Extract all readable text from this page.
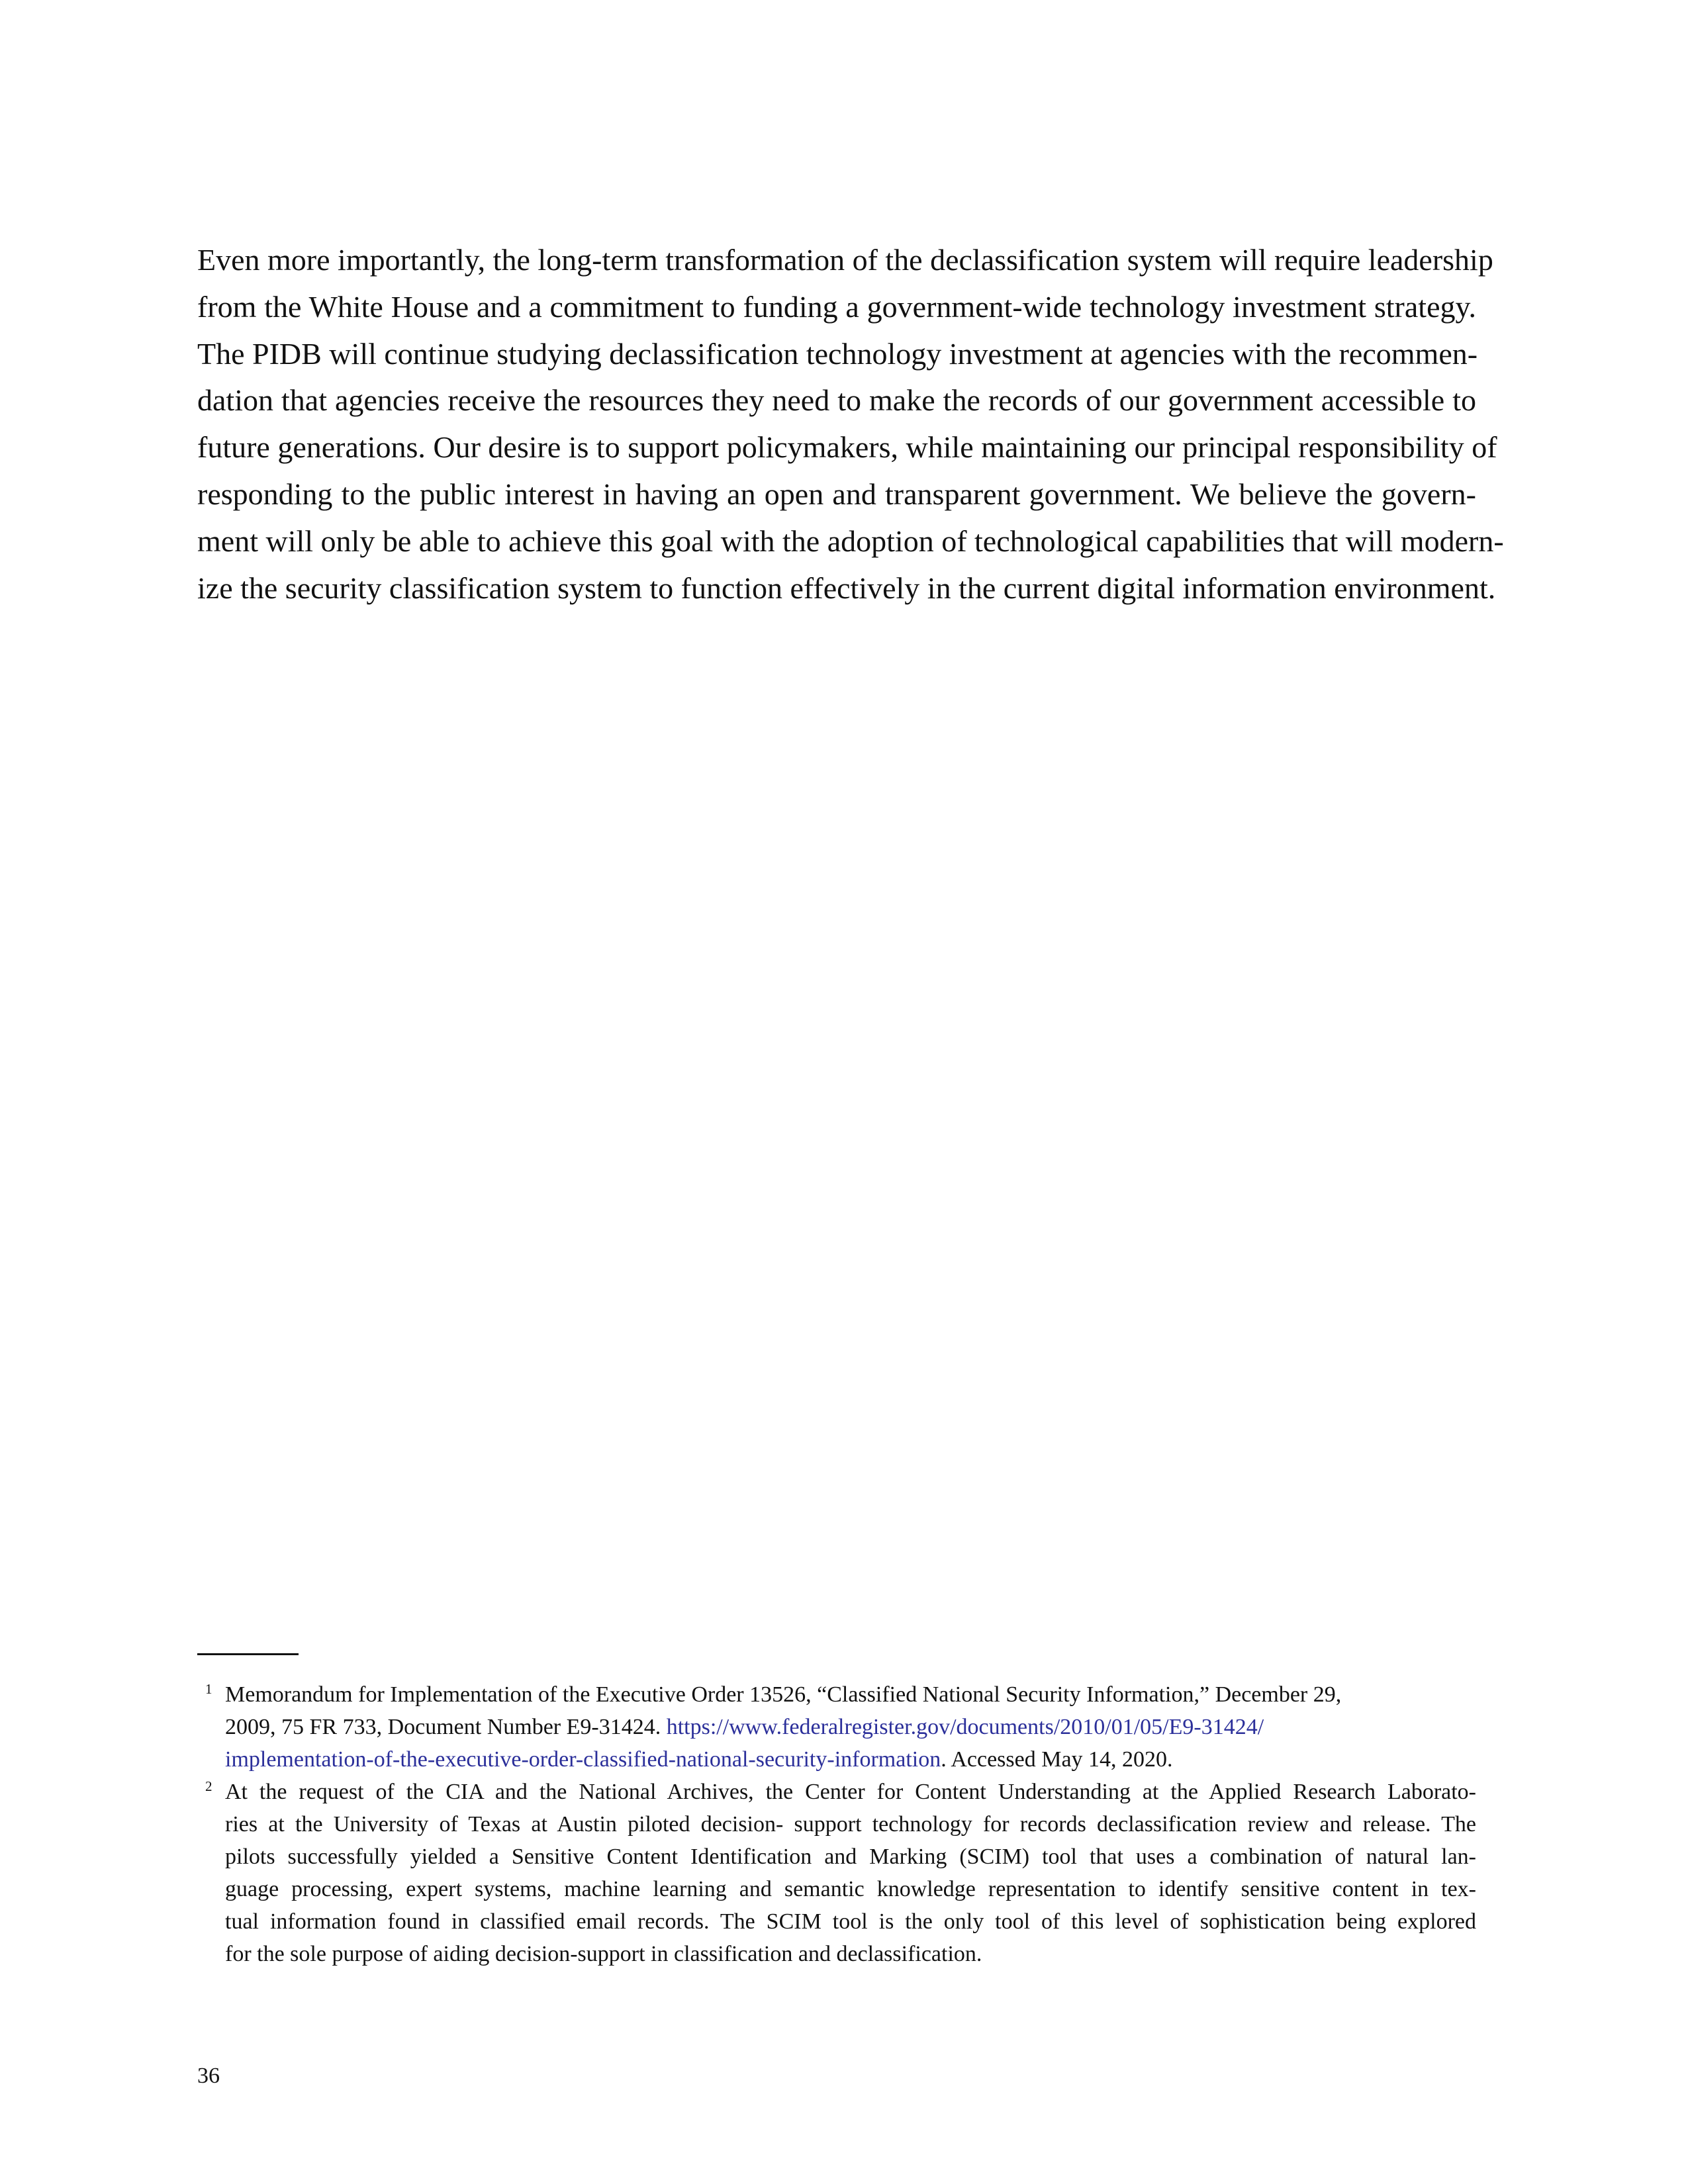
Even more importantly, the long-term transformation of the declassification system will require leadership
from the White House and a commitment to funding a government-wide technology investment strategy.
The PIDB will continue studying declassification technology investment at agencies with the recommen-
dation that agencies receive the resources they need to make the records of our government accessible to
future generations. Our desire is to support policymakers, while maintaining our principal responsibility of
responding to the public interest in having an open and transparent government. We believe the govern-
ment will only be able to achieve this goal with the adoption of technological capabilities that will modern-
ize the security classification system to function effectively in the current digital information environment.
1 Memorandum for Implementation of the Executive Order 13526, “Classified National Security Information,” December 29,
2009, 75 FR 733, Document Number E9-31424. https://www.federalregister.gov/documents/2010/01/05/E9-31424/
implementation-of-the-executive-order-classified-national-security-information. Accessed May 14, 2020.
2 At the request of the CIA and the National Archives, the Center for Content Understanding at the Applied Research Laborato-
ries at the University of Texas at Austin piloted decision- support technology for records declassification review and release. The
pilots successfully yielded a Sensitive Content Identification and Marking (SCIM) tool that uses a combination of natural lan-
guage processing, expert systems, machine learning and semantic knowledge representation to identify sensitive content in tex-
tual information found in classified email records. The SCIM tool is the only tool of this level of sophistication being explored
for the sole purpose of aiding decision-support in classification and declassification.
36
